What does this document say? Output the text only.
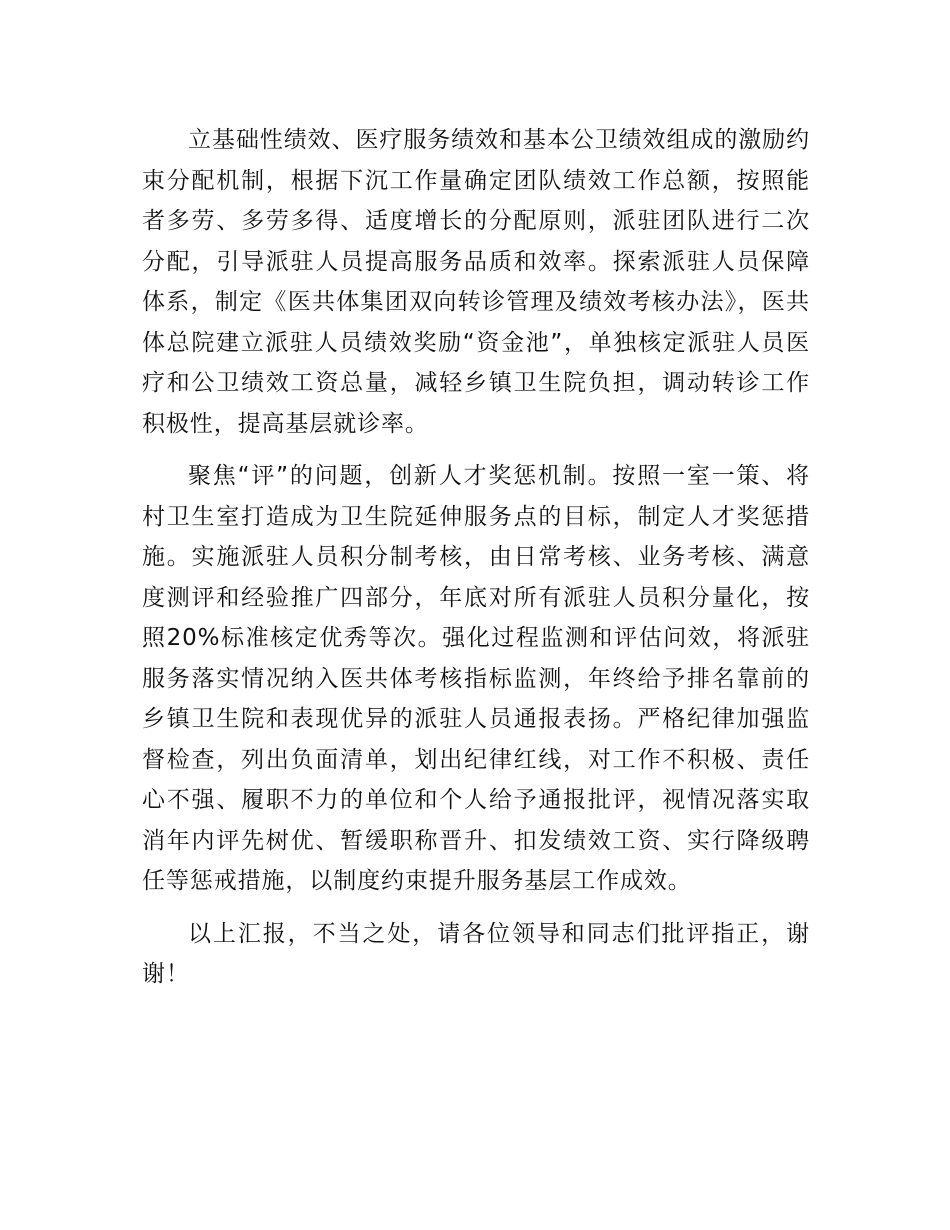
立基础性绩效、医疗服务绩效和基本公卫绩效组成的激励约束分配机制，根据下沉工作量确定团队绩效工作总额，按照能者多劳、多劳多得、适度增长的分配原则，派驻团队进行二次分配，引导派驻人员提高服务品质和效率。探索派驻人员保障体系，制定《医共体集团双向转诊管理及绩效考核办法》，医共体总院建立派驻人员绩效奖励“资金池”，单独核定派驻人员医疗和公卫绩效工资总量，减轻乡镇卫生院负担，调动转诊工作积极性，提高基层就诊率。

聚焦“评”的问题，创新人才奖惩机制。按照一室一策、将村卫生室打造成为卫生院延伸服务点的目标，制定人才奖惩措施。实施派驻人员积分制考核，由日常考核、业务考核、满意度测评和经验推广四部分，年底对所有派驻人员积分量化，按照20%标准核定优秀等次。强化过程监测和评估问效，将派驻服务落实情况纳入医共体考核指标监测，年终给予排名靠前的乡镇卫生院和表现优异的派驻人员通报表扬。严格纪律加强监督检查，列出负面清单，划出纪律红线，对工作不积极、责任心不强、履职不力的单位和个人给予通报批评，视情况落实取消年内评先树优、暂缓职称晋升、扣发绩效工资、实行降级聘任等惩戒措施，以制度约束提升服务基层工作成效。

以上汇报，不当之处，请各位领导和同志们批评指正，谢谢！
